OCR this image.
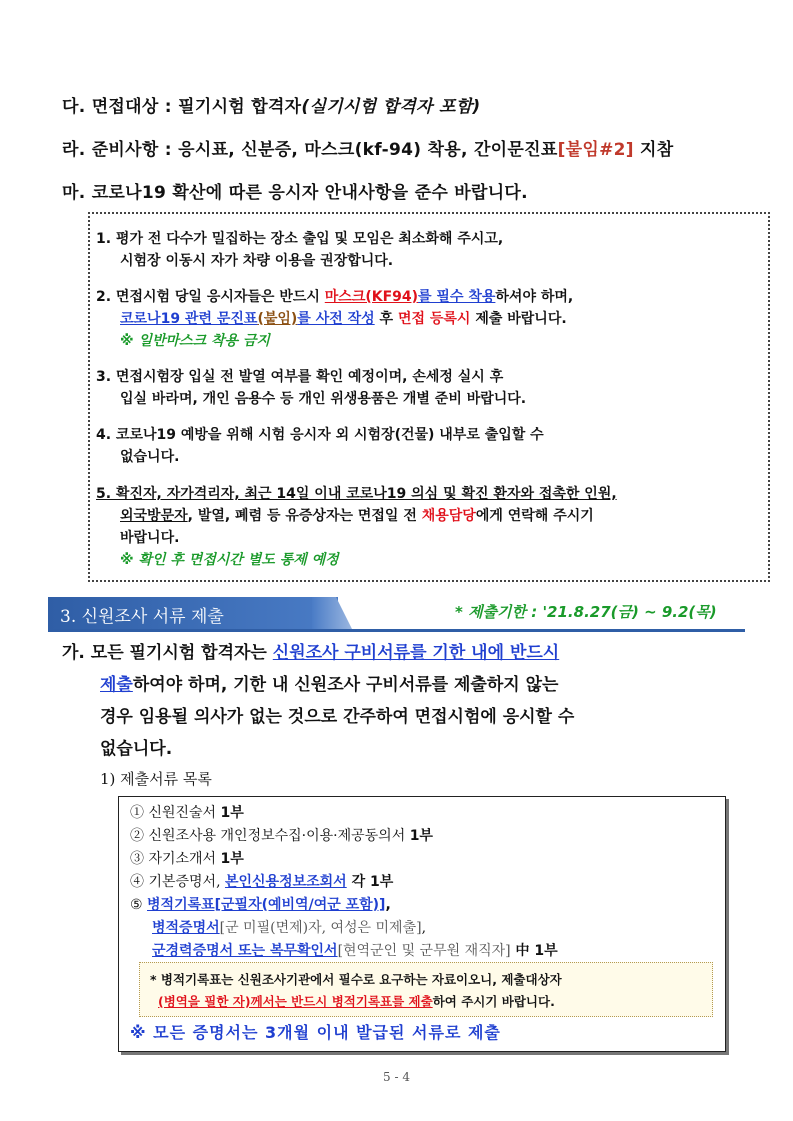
다. 면접대상 : 필기시험 합격자(실기시험 합격자 포함)
라. 준비사항 : 응시표, 신분증, 마스크(kf-94) 착용, 간이문진표[붙임#2] 지참
마. 코로나19 확산에 따른 응시자 안내사항을 준수 바랍니다.
1. 평가 전 다수가 밀집하는 장소 출입 및 모임은 최소화해 주시고,
시험장 이동시 자가 차량 이용을 권장합니다.
2. 면접시험 당일 응시자들은 반드시 마스크(KF94)를 필수 착용하셔야 하며,
코로나19 관련 문진표(붙임)를 사전 작성 후 면접 등록시 제출 바랍니다.
※ 일반마스크 착용 금지
3. 면접시험장 입실 전 발열 여부를 확인 예정이며, 손세정 실시 후
입실 바라며, 개인 음용수 등 개인 위생용품은 개별 준비 바랍니다.
4. 코로나19 예방을 위해 시험 응시자 외 시험장(건물) 내부로 출입할 수
없습니다.
5. 확진자, 자가격리자, 최근 14일 이내 코로나19 의심 및 확진 환자와 접촉한 인원,
외국방문자, 발열, 폐렴 등 유증상자는 면접일 전 채용담당에게 연락해 주시기
바랍니다.
※ 확인 후 면접시간 별도 통제 예정
3. 신원조사 서류 제출	* 제출기한 : '21.8.27(금) ~ 9.2(목)
가. 모든 필기시험 합격자는 신원조사 구비서류를 기한 내에 반드시
제출하여야 하며, 기한 내 신원조사 구비서류를 제출하지 않는
경우 임용될 의사가 없는 것으로 간주하여 면접시험에 응시할 수
없습니다.
1) 제출서류 목록
① 신원진술서 1부
② 신원조사용 개인정보수집·이용·제공동의서 1부
③ 자기소개서 1부
④ 기본증명서, 본인신용정보조회서 각 1부
⑤ 병적기록표[군필자(예비역/여군 포함)],
병적증명서[군 미필(면제)자, 여성은 미제출],
군경력증명서 또는 복무확인서[현역군인 및 군무원 재직자] 中 1부
* 병적기록표는 신원조사기관에서 필수로 요구하는 자료이오니, 제출대상자
(병역을 필한 자)께서는 반드시 병적기록표를 제출하여 주시기 바랍니다.
※ 모든 증명서는 3개월 이내 발급된 서류로 제출
5 - 4
